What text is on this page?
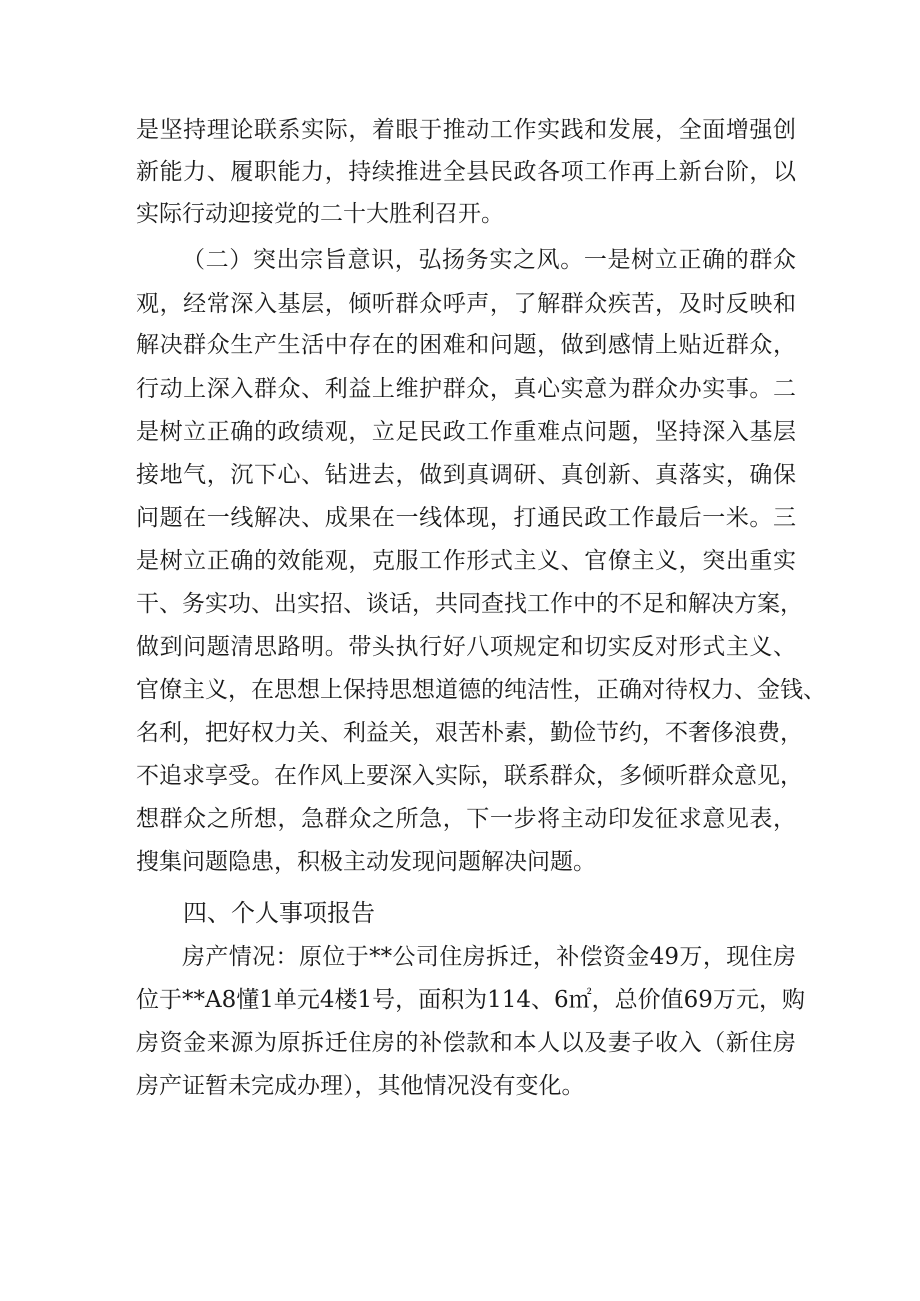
是坚持理论联系实际，着眼于推动工作实践和发展，全面增强创
新能力、履职能力，持续推进全县民政各项工作再上新台阶，以
实际行动迎接党的二十大胜利召开。
（二）突出宗旨意识，弘扬务实之风。一是树立正确的群众
观，经常深入基层，倾听群众呼声，了解群众疾苦，及时反映和
解决群众生产生活中存在的困难和问题，做到感情上贴近群众，
行动上深入群众、利益上维护群众，真心实意为群众办实事。二
是树立正确的政绩观，立足民政工作重难点问题，坚持深入基层
接地气，沉下心、钻进去，做到真调研、真创新、真落实，确保
问题在一线解决、成果在一线体现，打通民政工作最后一米。三
是树立正确的效能观，克服工作形式主义、官僚主义，突出重实
干、务实功、出实招、谈话，共同查找工作中的不足和解决方案，
做到问题清思路明。带头执行好八项规定和切实反对形式主义、
官僚主义，在思想上保持思想道德的纯洁性，正确对待权力、金钱、
名利，把好权力关、利益关，艰苦朴素，勤俭节约，不奢侈浪费，
不追求享受。在作风上要深入实际，联系群众，多倾听群众意见，
想群众之所想，急群众之所急，下一步将主动印发征求意见表，
搜集问题隐患，积极主动发现问题解决问题。
四、个人事项报告
房产情况：原位于**公司住房拆迁，补偿资金49万，现住房
位于**A8懂1单元4楼1号，面积为114、6㎡，总价值69万元，购
房资金来源为原拆迁住房的补偿款和本人以及妻子收入（新住房
房产证暂未完成办理），其他情况没有变化。
